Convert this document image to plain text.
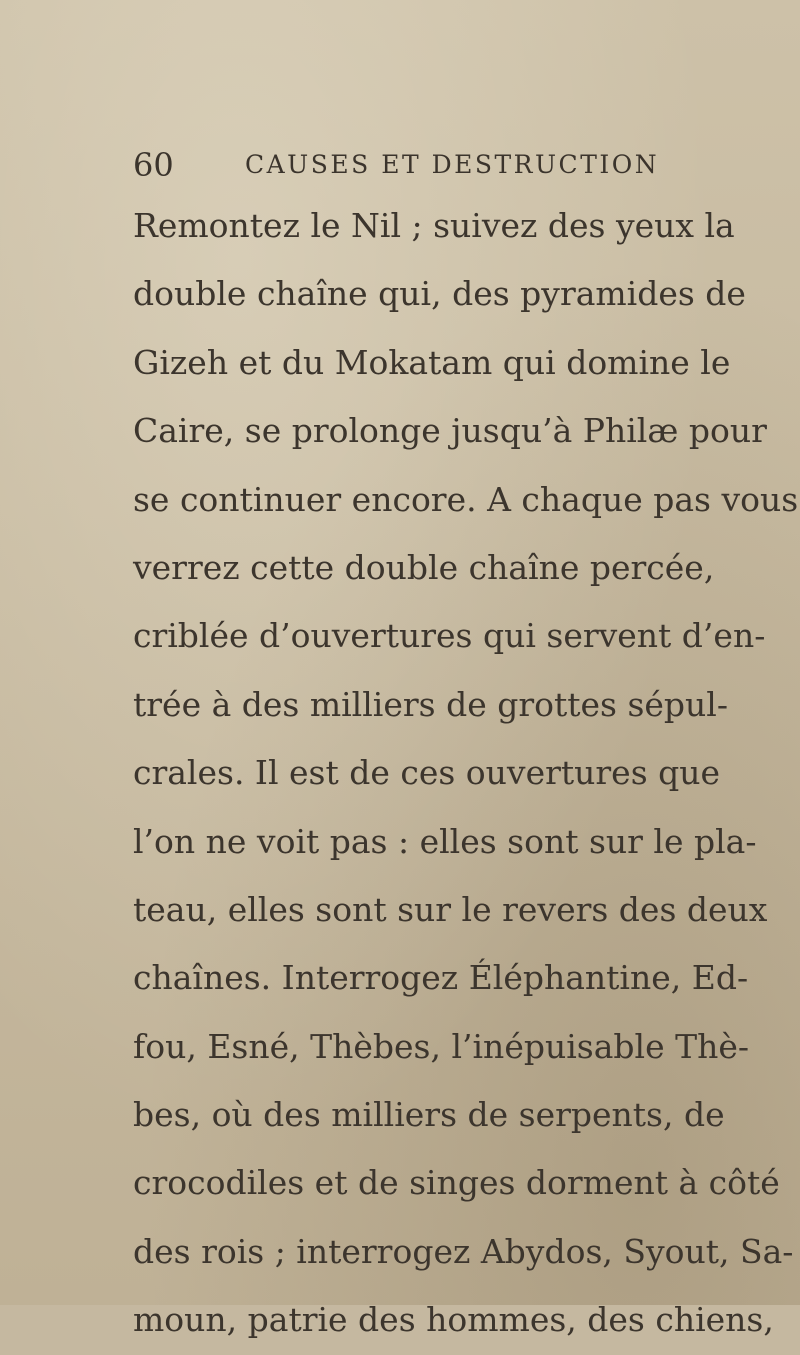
60	CAUSES ET DESTRUCTION
Remontez le Nil ; suivez des yeux la
double chaîne qui, des pyramides de
Gizeh et du Mokatam qui domine le
Caire, se prolonge jusqu’à Philæ pour
se continuer encore. A chaque pas vous
verrez cette double chaîne percée,
criblée d’ouvertures qui servent d’en-
trée à des milliers de grottes sépul-
crales. Il est de ces ouvertures que
l’on ne voit pas : elles sont sur le pla-
teau, elles sont sur le revers des deux
chaînes. Interrogez Éléphantine, Ed-
fou, Esné, Thèbes, l’inépuisable Thè-
bes, où des milliers de serpents, de
crocodiles et de singes dorment à côté
des rois ; interrogez Abydos, Syout, Sa-
moun, patrie des hommes, des chiens,
